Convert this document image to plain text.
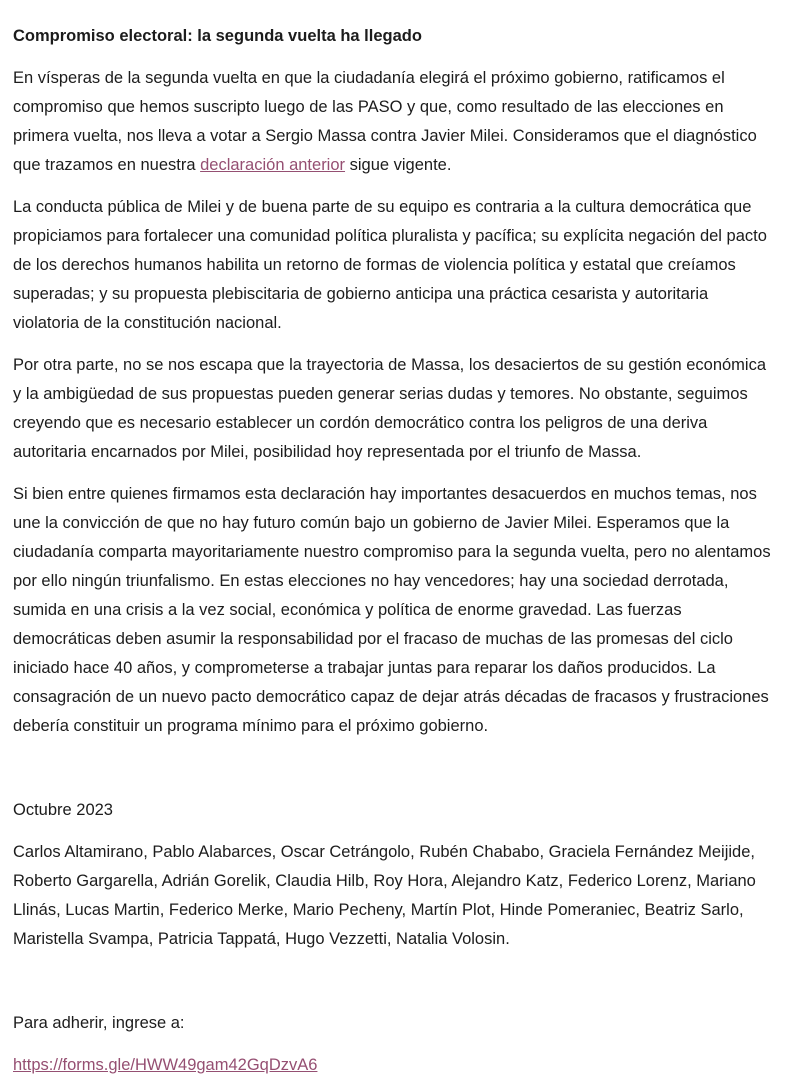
Compromiso electoral: la segunda vuelta ha llegado

En vísperas de la segunda vuelta en que la ciudadanía elegirá el próximo gobierno, ratificamos el compromiso que hemos suscripto luego de las PASO y que, como resultado de las elecciones en primera vuelta, nos lleva a votar a Sergio Massa contra Javier Milei. Consideramos que el diagnóstico que trazamos en nuestra declaración anterior sigue vigente.

La conducta pública de Milei y de buena parte de su equipo es contraria a la cultura democrática que propiciamos para fortalecer una comunidad política pluralista y pacífica; su explícita negación del pacto de los derechos humanos habilita un retorno de formas de violencia política y estatal que creíamos superadas; y su propuesta plebiscitaria de gobierno anticipa una práctica cesarista y autoritaria violatoria de la constitución nacional.

Por otra parte, no se nos escapa que la trayectoria de Massa, los desaciertos de su gestión económica y la ambigüedad de sus propuestas pueden generar serias dudas y temores. No obstante, seguimos creyendo que es necesario establecer un cordón democrático contra los peligros de una deriva autoritaria encarnados por Milei, posibilidad hoy representada por el triunfo de Massa.

Si bien entre quienes firmamos esta declaración hay importantes desacuerdos en muchos temas, nos une la convicción de que no hay futuro común bajo un gobierno de Javier Milei. Esperamos que la ciudadanía comparta mayoritariamente nuestro compromiso para la segunda vuelta, pero no alentamos por ello ningún triunfalismo. En estas elecciones no hay vencedores; hay una sociedad derrotada, sumida en una crisis a la vez social, económica y política de enorme gravedad. Las fuerzas democráticas deben asumir la responsabilidad por el fracaso de muchas de las promesas del ciclo iniciado hace 40 años, y comprometerse a trabajar juntas para reparar los daños producidos. La consagración de un nuevo pacto democrático capaz de dejar atrás décadas de fracasos y frustraciones debería constituir un programa mínimo para el próximo gobierno.

Octubre 2023

Carlos Altamirano, Pablo Alabarces, Oscar Cetrángolo, Rubén Chababo, Graciela Fernández Meijide, Roberto Gargarella, Adrián Gorelik, Claudia Hilb, Roy Hora, Alejandro Katz, Federico Lorenz, Mariano Llinás, Lucas Martin, Federico Merke, Mario Pecheny, Martín Plot, Hinde Pomeraniec, Beatriz Sarlo, Maristella Svampa, Patricia Tappatá, Hugo Vezzetti, Natalia Volosin.

Para adherir, ingrese a:

https://forms.gle/HWW49gam42GqDzvA6
